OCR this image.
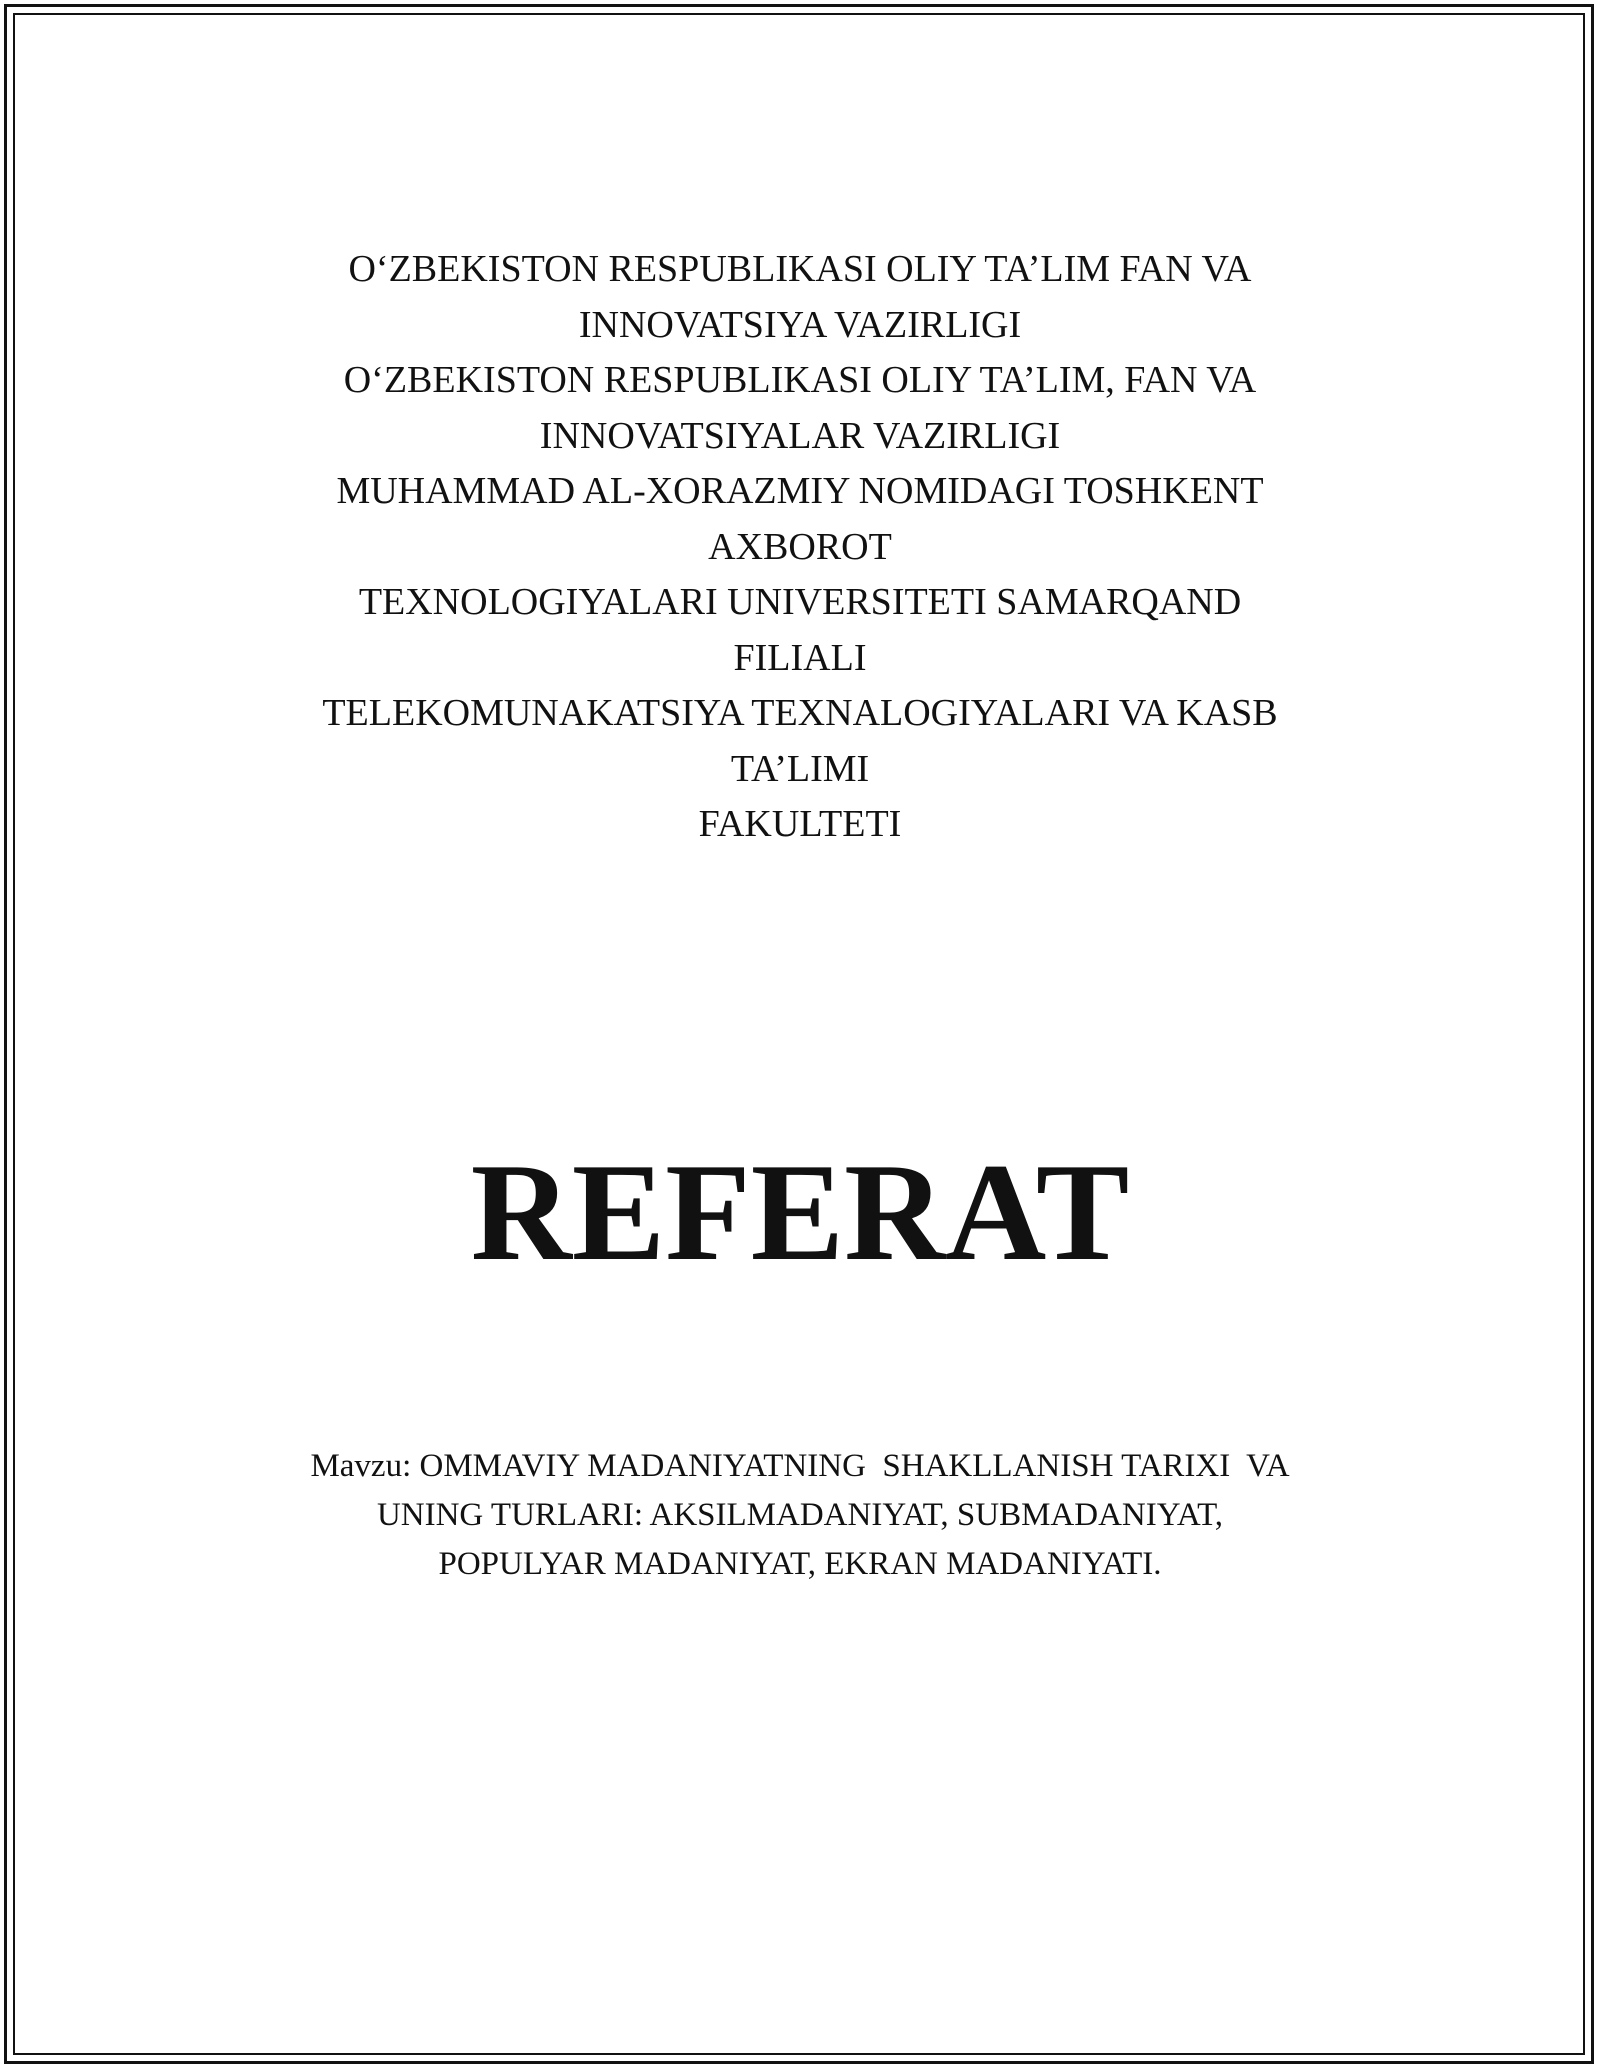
O‘ZBEKISTON RESPUBLIKASI OLIY TA’LIM FAN VA
INNOVATSIYA VAZIRLIGI
O‘ZBEKISTON RESPUBLIKASI OLIY TA’LIM, FAN VA
INNOVATSIYALAR VAZIRLIGI
MUHAMMAD AL-XORAZMIY NOMIDAGI TOSHKENT
AXBOROT
TEXNOLOGIYALARI UNIVERSITETI SAMARQAND
FILIALI
TELEKOMUNAKATSIYA TEXNALOGIYALARI VA KASB
TA’LIMI
FAKULTETI
REFERAT
Mavzu: OMMAVIY MADANIYATNING  SHAKLLANISH TARIXI  VA
UNING TURLARI: AKSILMADANIYAT, SUBMADANIYAT,
POPULYAR MADANIYAT, EKRAN MADANIYATI.
